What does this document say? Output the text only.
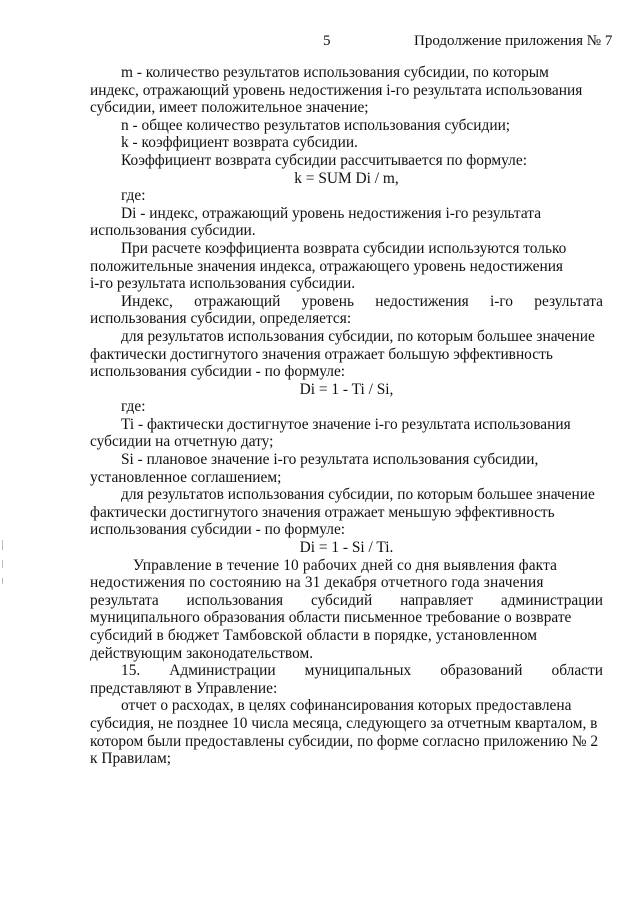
5	Продолжение приложения № 7

m - количество результатов использования субсидии, по которым

индекс, отражающий уровень недостижения i-го результата использования

субсидии, имеет положительное значение;

n - общее количество результатов использования субсидии;

k - коэффициент возврата субсидии.

Коэффициент возврата субсидии рассчитывается по формуле:

k = SUM Di / m,

где:

Di - индекс, отражающий уровень недостижения i-го результата

использования субсидии.

При расчете коэффициента возврата субсидии используются только

положительные значения индекса, отражающего уровень недостижения

i-го результата использования субсидии.

Индекс, отражающий уровень недостижения i-го результата

использования субсидии, определяется:

для результатов использования субсидии, по которым большее значение

фактически достигнутого значения отражает большую эффективность

использования субсидии - по формуле:

Di = 1 - Ti / Si,

где:

Ti - фактически достигнутое значение i-го результата использования

субсидии на отчетную дату;

Si - плановое значение i-го результата использования субсидии,

установленное соглашением;

для результатов использования субсидии, по которым большее значение

фактически достигнутого значения отражает меньшую эффективность

использования субсидии - по формуле:

Di = 1 - Si / Ti.

Управление в течение 10 рабочих дней со дня выявления факта

недостижения по состоянию на 31 декабря отчетного года значения

результата использования субсидий направляет администрации

муниципального образования области письменное требование о возврате

субсидий в бюджет Тамбовской области в порядке, установленном

действующим законодательством.

15. Администрации муниципальных образований области

представляют в Управление:

отчет о расходах, в целях софинансирования которых предоставлена

субсидия, не позднее 10 числа месяца, следующего за отчетным кварталом, в

котором были предоставлены субсидии, по форме согласно приложению № 2

к Правилам;
